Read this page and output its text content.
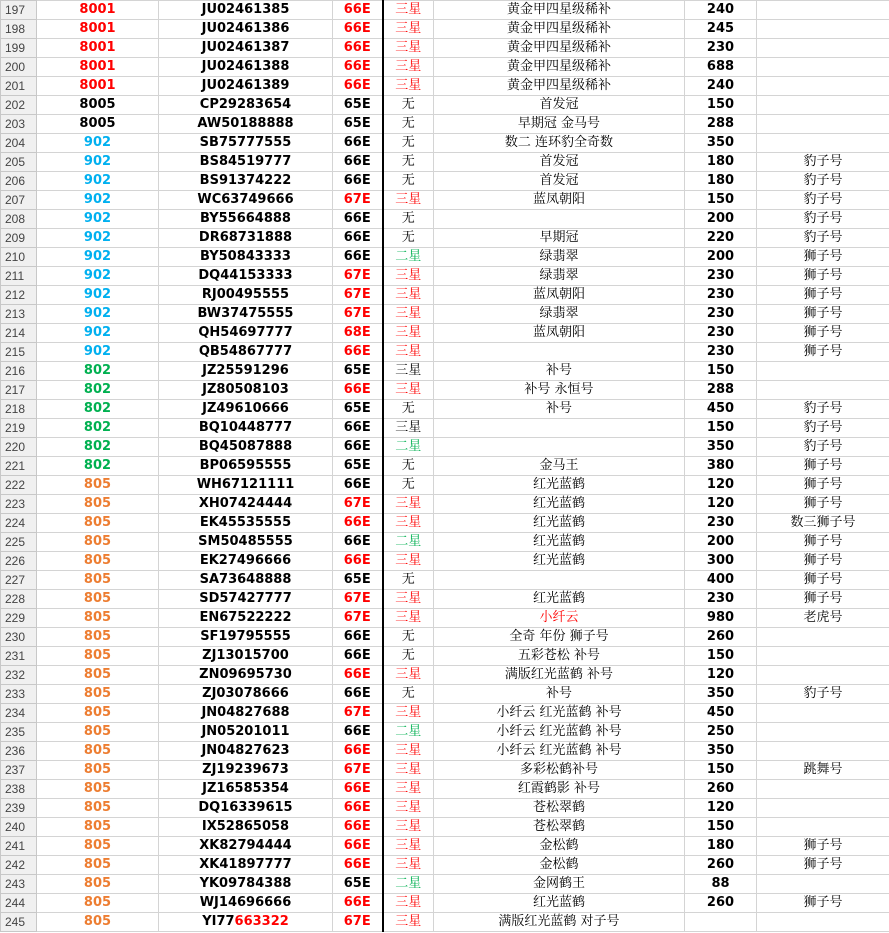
197	8001	JU02461385	66E	三星	黄金甲四星级稀补	240	
198	8001	JU02461386	66E	三星	黄金甲四星级稀补	245	
199	8001	JU02461387	66E	三星	黄金甲四星级稀补	230	
200	8001	JU02461388	66E	三星	黄金甲四星级稀补	688	
201	8001	JU02461389	66E	三星	黄金甲四星级稀补	240	
202	8005	CP29283654	65E	无	首发冠	150	
203	8005	AW50188888	65E	无	早期冠 金马号	288	
204	902	SB75777555	66E	无	数二 连环豹全奇数	350	
205	902	BS84519777	66E	无	首发冠	180	豹子号
206	902	BS91374222	66E	无	首发冠	180	豹子号
207	902	WC63749666	67E	三星	蓝凤朝阳	150	豹子号
208	902	BY55664888	66E	无		200	豹子号
209	902	DR68731888	66E	无	早期冠	220	豹子号
210	902	BY50843333	66E	二星	绿翡翠	200	狮子号
211	902	DQ44153333	67E	三星	绿翡翠	230	狮子号
212	902	RJ00495555	67E	三星	蓝凤朝阳	230	狮子号
213	902	BW37475555	67E	三星	绿翡翠	230	狮子号
214	902	QH54697777	68E	三星	蓝凤朝阳	230	狮子号
215	902	QB54867777	66E	三星		230	狮子号
216	802	JZ25591296	65E	三星	补号	150	
217	802	JZ80508103	66E	三星	补号 永恒号	288	
218	802	JZ49610666	65E	无	补号	450	豹子号
219	802	BQ10448777	66E	三星		150	豹子号
220	802	BQ45087888	66E	二星		350	豹子号
221	802	BP06595555	65E	无	金马王	380	狮子号
222	805	WH67121111	66E	无	红光蓝鹤	120	狮子号
223	805	XH07424444	67E	三星	红光蓝鹤	120	狮子号
224	805	EK45535555	66E	三星	红光蓝鹤	230	数三狮子号
225	805	SM50485555	66E	二星	红光蓝鹤	200	狮子号
226	805	EK27496666	66E	三星	红光蓝鹤	300	狮子号
227	805	SA73648888	65E	无		400	狮子号
228	805	SD57427777	67E	三星	红光蓝鹤	230	狮子号
229	805	EN67522222	67E	三星	小纤云	980	老虎号
230	805	SF19795555	66E	无	全奇 年份 狮子号	260	
231	805	ZJ13015700	66E	无	五彩苍松 补号	150	
232	805	ZN09695730	66E	三星	满版红光蓝鹤 补号	120	
233	805	ZJ03078666	66E	无	补号	350	豹子号
234	805	JN04827688	67E	三星	小纤云 红光蓝鹤 补号	450	
235	805	JN05201011	66E	二星	小纤云 红光蓝鹤 补号	250	
236	805	JN04827623	66E	三星	小纤云 红光蓝鹤 补号	350	
237	805	ZJ19239673	67E	三星	多彩松鹤补号	150	跳舞号
238	805	JZ16585354	66E	三星	红霞鹤影 补号	260	
239	805	DQ16339615	66E	三星	苍松翠鹤	120	
240	805	IX52865058	66E	三星	苍松翠鹤	150	
241	805	XK82794444	66E	三星	金松鹤	180	狮子号
242	805	XK41897777	66E	三星	金松鹤	260	狮子号
243	805	YK09784388	65E	二星	金网鹤王	88	
244	805	WJ14696666	66E	三星	红光蓝鹤	260	狮子号
245	805	YI77663322	67E	三星	满版红光蓝鹤 对子号		
